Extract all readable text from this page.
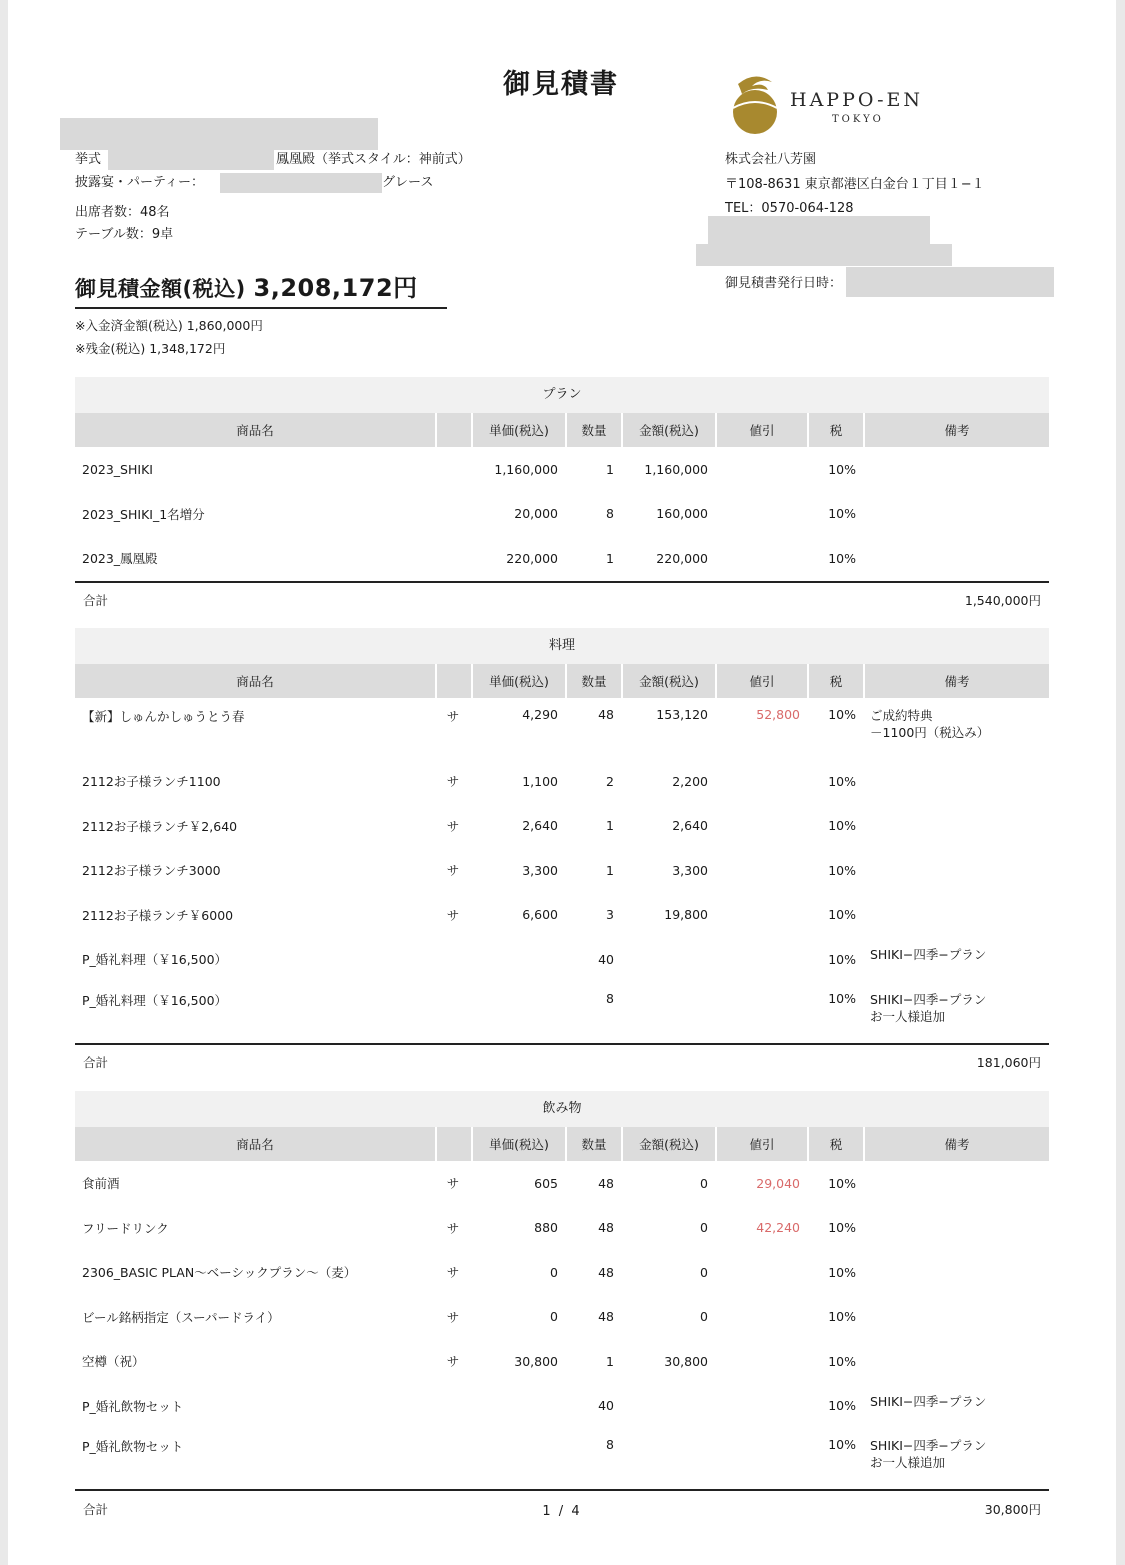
御見積書	HAPPO-EN
TOKYO
挙式	鳳凰殿（挙式スタイル：神前式）
披露宴・パーティー：	グレース
出席者数：48名
テーブル数：9卓
株式会社八芳園
〒108-8631 東京都港区白金台１丁目１−１
TEL：0570-064-128
御見積書発行日時：
御見積金額(税込) 3,208,172円
※入金済金額(税込) 1,860,000円
※残金(税込) 1,348,172円
プラン
商品名		単価(税込)	数量	金額(税込)	値引	税	備考
2023_SHIKI		1,160,000	1	1,160,000		10%	
2023_SHIKI_1名増分		20,000	8	160,000		10%	
2023_鳳凰殿		220,000	1	220,000		10%	
合計	1,540,000円
料理
商品名		単価(税込)	数量	金額(税込)	値引	税	備考
【新】しゅんかしゅうとう春	サ	4,290	48	153,120	52,800	10%	ご成約特典
－1100円（税込み）
2112お子様ランチ1100	サ	1,100	2	2,200		10%	
2112お子様ランチ￥2,640	サ	2,640	1	2,640		10%	
2112お子様ランチ3000	サ	3,300	1	3,300		10%	
2112お子様ランチ￥6000	サ	6,600	3	19,800		10%	
P_婚礼料理（￥16,500）			40			10%	SHIKI−四季−プラン
P_婚礼料理（￥16,500）			8			10%	SHIKI−四季−プラン
お一人様追加
合計	181,060円
飲み物
商品名		単価(税込)	数量	金額(税込)	値引	税	備考
食前酒	サ	605	48	0	29,040	10%	
フリードリンク	サ	880	48	0	42,240	10%	
2306_BASIC PLAN〜ベーシックプラン〜（麦）	サ	0	48	0		10%	
ビール銘柄指定（スーパードライ）	サ	0	48	0		10%	
空樽（祝）	サ	30,800	1	30,800		10%	
P_婚礼飲物セット			40			10%	SHIKI−四季−プラン
P_婚礼飲物セット			8			10%	SHIKI−四季−プラン
お一人様追加
合計	30,800円
1 / 4
